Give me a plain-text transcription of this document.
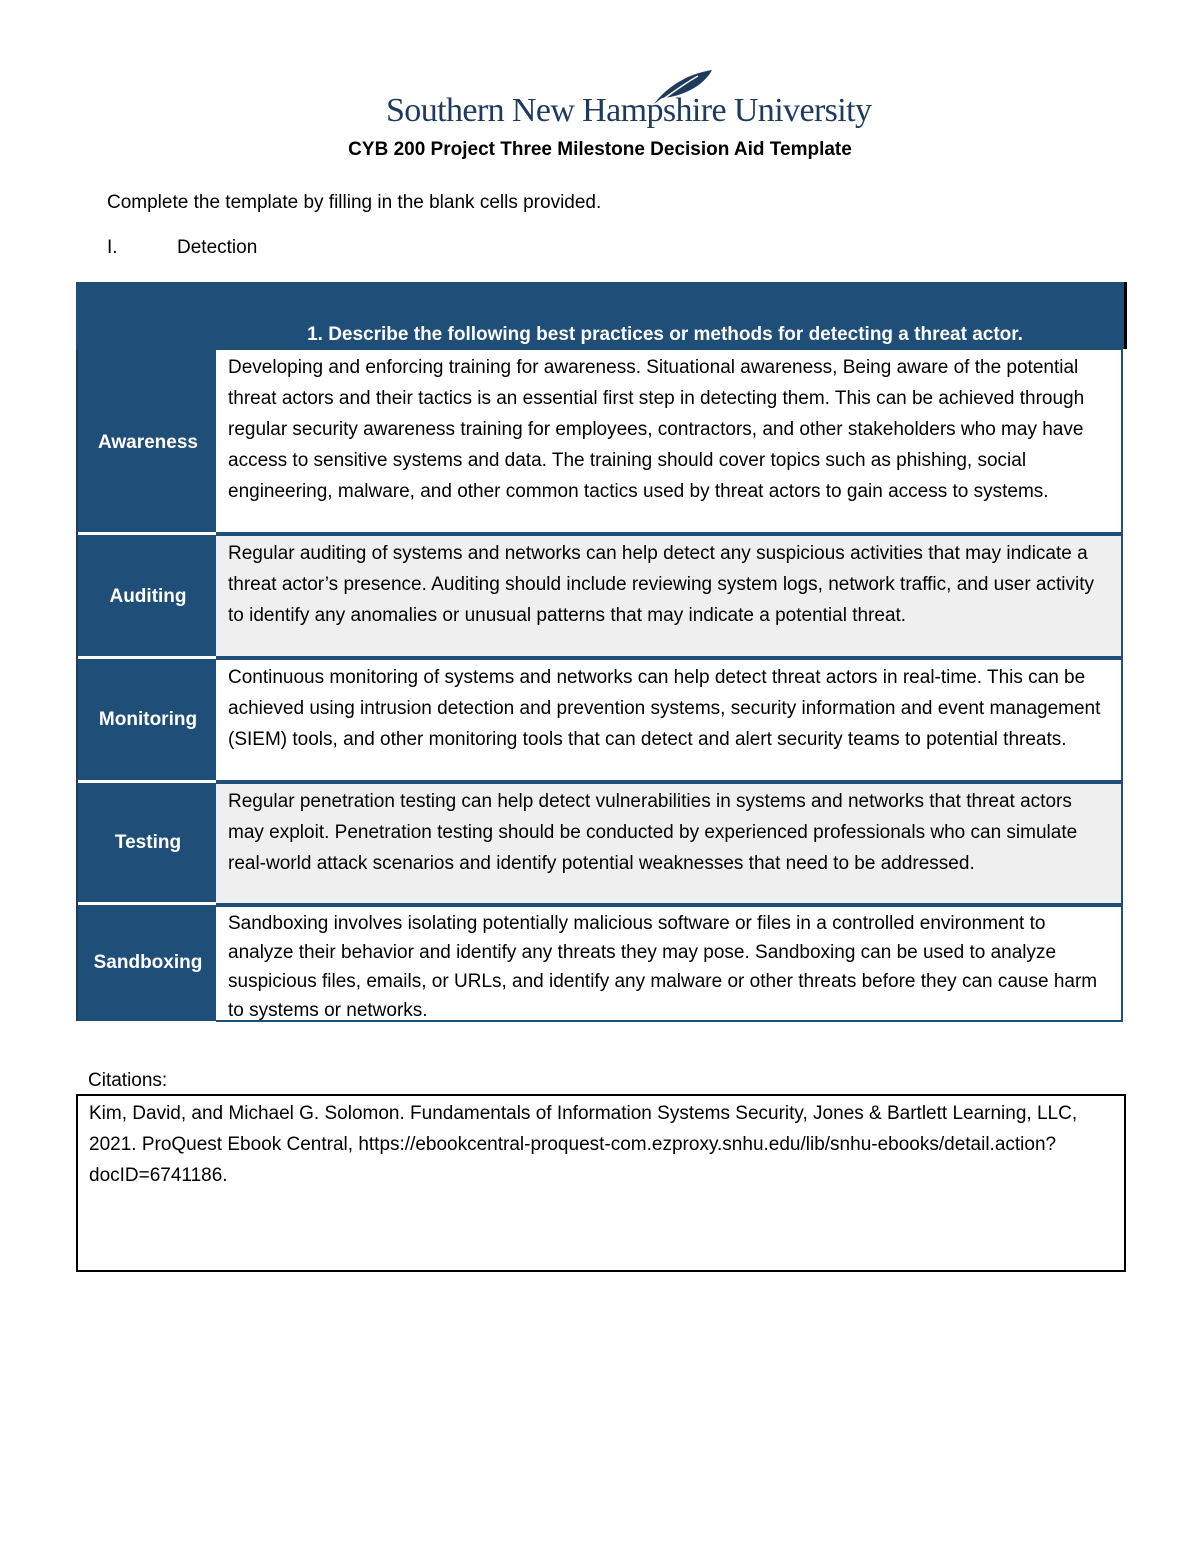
Southern New Hampshire University
CYB 200 Project Three Milestone Decision Aid Template
Complete the template by filling in the blank cells provided.
I.	Detection
1. Describe the following best practices or methods for detecting a threat actor.
Awareness
Auditing
Monitoring
Testing
Sandboxing
Developing and enforcing training for awareness. Situational awareness, Being aware of the potential threat actors and their tactics is an essential first step in detecting them. This can be achieved through regular security awareness training for employees, contractors, and other stakeholders who may have access to sensitive systems and data. The training should cover topics such as phishing, social engineering, malware, and other common tactics used by threat actors to gain access to systems.
Regular auditing of systems and networks can help detect any suspicious activities that may indicate a threat actor’s presence. Auditing should include reviewing system logs, network traffic, and user activity to identify any anomalies or unusual patterns that may indicate a potential threat.
Continuous monitoring of systems and networks can help detect threat actors in real-time. This can be achieved using intrusion detection and prevention systems, security information and event management (SIEM) tools, and other monitoring tools that can detect and alert security teams to potential threats.
Regular penetration testing can help detect vulnerabilities in systems and networks that threat actors may exploit. Penetration testing should be conducted by experienced professionals who can simulate real-world attack scenarios and identify potential weaknesses that need to be addressed.
Sandboxing involves isolating potentially malicious software or files in a controlled environment to analyze their behavior and identify any threats they may pose. Sandboxing can be used to analyze suspicious files, emails, or URLs, and identify any malware or other threats before they can cause harm to systems or networks.
Citations:
Kim, David, and Michael G. Solomon. Fundamentals of Information Systems Security, Jones & Bartlett Learning, LLC, 2021. ProQuest Ebook Central, https://ebookcentral-proquest-com.ezproxy.snhu.edu/lib/snhu-ebooks/detail.action?docID=6741186.
